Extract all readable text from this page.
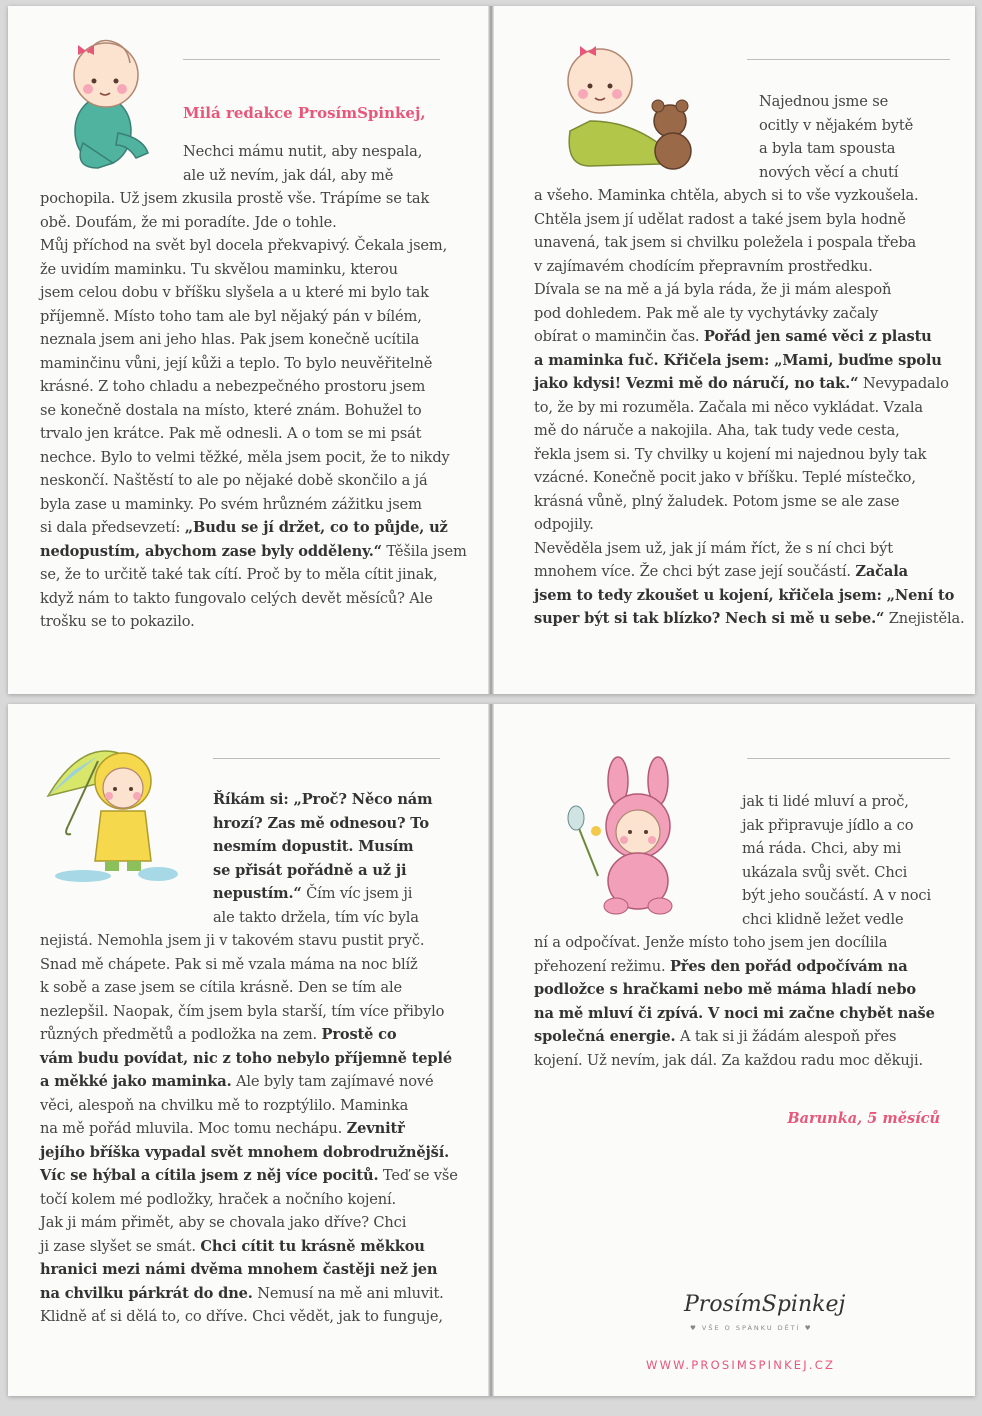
Milá redakce ProsímSpinkej,

Nechci mámu nutit, aby nespala,

ale už nevím, jak dál, aby mě

pochopila. Už jsem zkusila prostě vše. Trápíme se tak

obě. Doufám, že mi poradíte. Jde o tohle.

Můj příchod na svět byl docela překvapivý. Čekala jsem,

že uvidím maminku. Tu skvělou maminku, kterou

jsem celou dobu v bříšku slyšela a u které mi bylo tak

příjemně. Místo toho tam ale byl nějaký pán v bílém,

neznala jsem ani jeho hlas. Pak jsem konečně ucítila

maminčinu vůni, její kůži a teplo. To bylo neuvěřitelně

krásné. Z toho chladu a nebezpečného prostoru jsem

se konečně dostala na místo, které znám. Bohužel to

trvalo jen krátce. Pak mě odnesli. A o tom se mi psát

nechce. Bylo to velmi těžké, měla jsem pocit, že to nikdy

neskončí. Naštěstí to ale po nějaké době skončilo a já

byla zase u maminky. Po svém hrůzném zážitku jsem

si dala předsevzetí: „Budu se jí držet, co to půjde, už

nedopustím, abychom zase byly odděleny.“ Těšila jsem

se, že to určitě také tak cítí. Proč by to měla cítit jinak,

když nám to takto fungovalo celých devět měsíců? Ale

trošku se to pokazilo.

Najednou jsme se

ocitly v nějakém bytě

a byla tam spousta

nových věcí a chutí

a všeho. Maminka chtěla, abych si to vše vyzkoušela.

Chtěla jsem jí udělat radost a také jsem byla hodně

unavená, tak jsem si chvilku poležela i pospala třeba

v zajímavém chodícím přepravním prostředku.

Dívala se na mě a já byla ráda, že ji mám alespoň

pod dohledem. Pak mě ale ty vychytávky začaly

obírat o maminčin čas. Pořád jen samé věci z plastu

a maminka fuč. Křičela jsem: „Mami, buďme spolu

jako kdysi! Vezmi mě do náručí, no tak.“ Nevypadalo

to, že by mi rozuměla. Začala mi něco vykládat. Vzala

mě do náruče a nakojila. Aha, tak tudy vede cesta,

řekla jsem si. Ty chvilky u kojení mi najednou byly tak

vzácné. Konečně pocit jako v bříšku. Teplé místečko,

krásná vůně, plný žaludek. Potom jsme se ale zase

odpojily.

Nevěděla jsem už, jak jí mám říct, že s ní chci být

mnohem více. Že chci být zase její součástí. Začala

jsem to tedy zkoušet u kojení, křičela jsem: „Není to

super být si tak blízko? Nech si mě u sebe.“ Znejistěla.

Říkám si: „Proč? Něco nám

hrozí? Zas mě odnesou? To

nesmím dopustit. Musím

se přisát pořádně a už ji

nepustím.“ Čím víc jsem ji

ale takto držela, tím víc byla

nejistá. Nemohla jsem ji v takovém stavu pustit pryč.

Snad mě chápete. Pak si mě vzala máma na noc blíž

k sobě a zase jsem se cítila krásně. Den se tím ale

nezlepšil. Naopak, čím jsem byla starší, tím více přibylo

různých předmětů a podložka na zem. Prostě co

vám budu povídat, nic z toho nebylo příjemně teplé

a měkké jako maminka. Ale byly tam zajímavé nové

věci, alespoň na chvilku mě to rozptýlilo. Maminka

na mě pořád mluvila. Moc tomu nechápu. Zevnitř

jejího bříška vypadal svět mnohem dobrodružnější.

Víc se hýbal a cítila jsem z něj více pocitů. Teď se vše

točí kolem mé podložky, hraček a nočního kojení.

Jak ji mám přimět, aby se chovala jako dříve? Chci

ji zase slyšet se smát. Chci cítit tu krásně měkkou

hranici mezi námi dvěma mnohem častěji než jen

na chvilku párkrát do dne. Nemusí na mě ani mluvit.

Klidně ať si dělá to, co dříve. Chci vědět, jak to funguje,

jak ti lidé mluví a proč,

jak připravuje jídlo a co

má ráda. Chci, aby mi

ukázala svůj svět. Chci

být jeho součástí. A v noci

chci klidně ležet vedle

ní a odpočívat. Jenže místo toho jsem jen docílila

přehození režimu. Přes den pořád odpočívám na

podložce s hračkami nebo mě máma hladí nebo

na mě mluví či zpívá. V noci mi začne chybět naše

společná energie. A tak si ji žádám alespoň přes

kojení. Už nevím, jak dál. Za každou radu moc děkuji.

Barunka, 5 měsíců
ProsímSpinkej
♥ VŠE O SPÁNKU DĚTÍ ♥
WWW.PROSIMSPINKEJ.CZ
